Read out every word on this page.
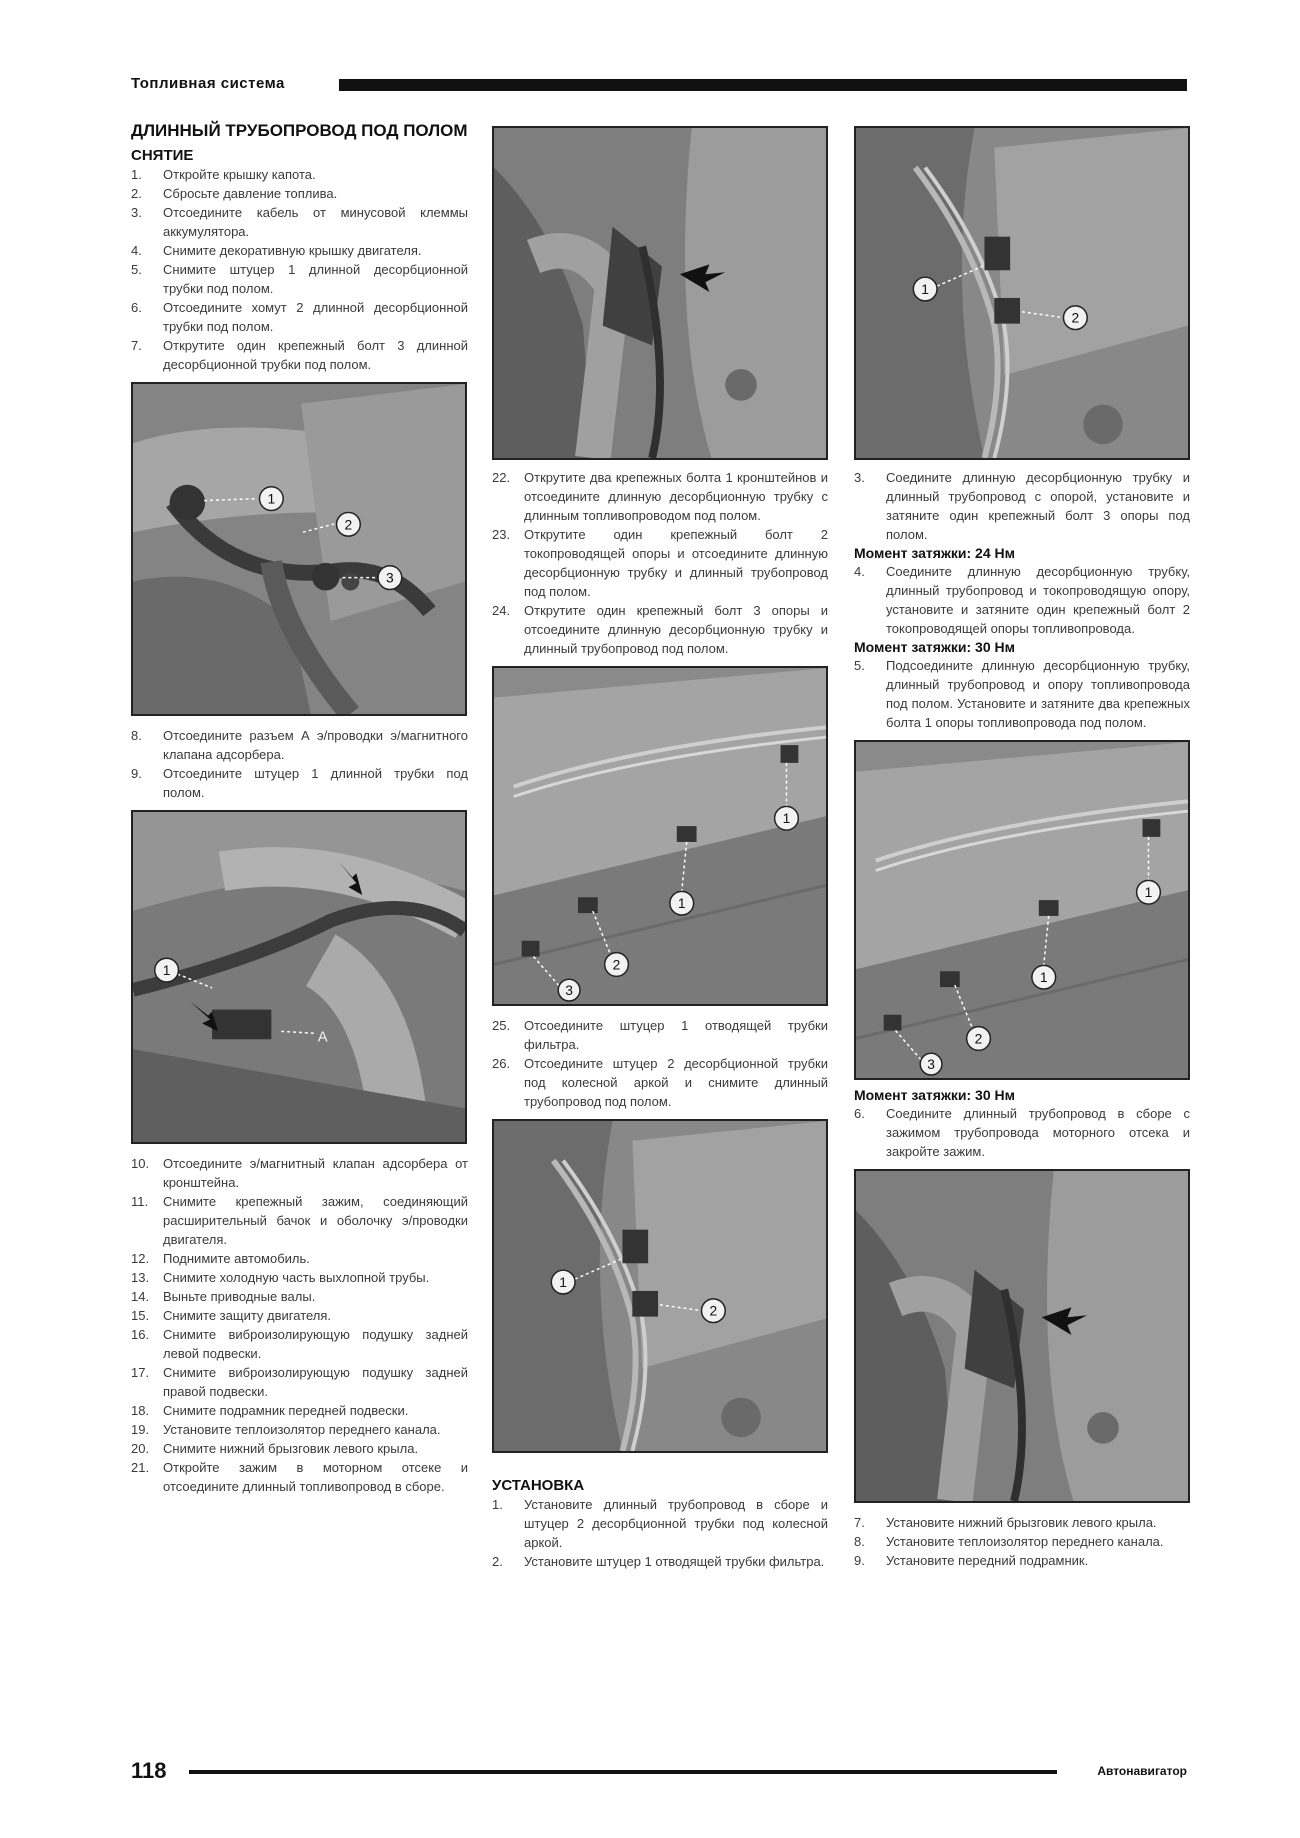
Топливная система
ДЛИННЫЙ ТРУБОПРОВОД ПОД ПОЛОМ
СНЯТИЕ
1.	Откройте крышку капота.
2.	Сбросьте давление топлива.
3.	Отсоедините кабель от минусовой клеммы аккумулятора.
4.	Снимите декоративную крышку двигателя.
5.	Снимите штуцер 1 длинной десорбционной трубки под полом.
6.	Отсоедините хомут 2 длинной десорбционной трубки под полом.
7.	Открутите один крепежный болт 3 длинной десорбционной трубки под полом.
1
2
3
8.	Отсоедините разъем А э/проводки э/магнитного клапана адсорбера.
9.	Отсоедините штуцер 1 длинной трубки под полом.
1
A
10.	Отсоедините э/магнитный клапан адсорбера от кронштейна.
11.	Снимите крепежный зажим, соединяющий расширительный бачок и оболочку э/проводки двигателя.
12.	Поднимите автомобиль.
13.	Снимите холодную часть выхлопной трубы.
14.	Выньте приводные валы.
15.	Снимите защиту двигателя.
16.	Снимите виброизолирующую подушку задней левой подвески.
17.	Снимите виброизолирующую подушку задней правой подвески.
18.	Снимите подрамник передней подвески.
19.	Установите теплоизолятор переднего канала.
20.	Снимите нижний брызговик левого крыла.
21.	Откройте зажим в моторном отсеке и отсоедините длинный топливопровод в сборе.
22.	Открутите два крепежных болта 1 кронштейнов и отсоедините длинную десорбционную трубку с длинным топливопроводом под полом.
23.	Открутите один крепежный болт 2 токопроводящей опоры и отсоедините длинную десорбционную трубку и длинный трубопровод под полом.
24.	Открутите один крепежный болт 3 опоры и отсоедините длинную десорбционную трубку и длинный трубопровод под полом.
1
1
2
3
25.	Отсоедините штуцер 1 отводящей трубки фильтра.
26.	Отсоедините штуцер 2 десорбционной трубки под колесной аркой и снимите длинный трубопровод под полом.
1
2
УСТАНОВКА
1.	Установите длинный трубопровод в сборе и штуцер 2 десорбционной трубки под колесной аркой.
2.	Установите штуцер 1 отводящей трубки фильтра.
1
2
3.	Соедините длинную десорбционную трубку и длинный трубопровод с опорой, установите и затяните один крепежный болт 3 опоры под полом.
Момент затяжки: 24 Нм
4.	Соедините длинную десорбционную трубку, длинный трубопровод и токопроводящую опору, установите и затяните один крепежный болт 2 токопроводящей опоры топливопровода.
Момент затяжки: 30 Нм
5.	Подсоедините длинную десорбционную трубку, длинный трубопровод и опору топливопровода под полом. Установите и затяните два крепежных болта 1 опоры топливопровода под полом.
1
1
2
3
Момент затяжки: 30 Нм
6.	Соедините длинный трубопровод в сборе с зажимом трубопровода моторного отсека и закройте зажим.
7.	Установите нижний брызговик левого крыла.
8.	Установите теплоизолятор переднего канала.
9.	Установите передний подрамник.
118	Автонавигатор
